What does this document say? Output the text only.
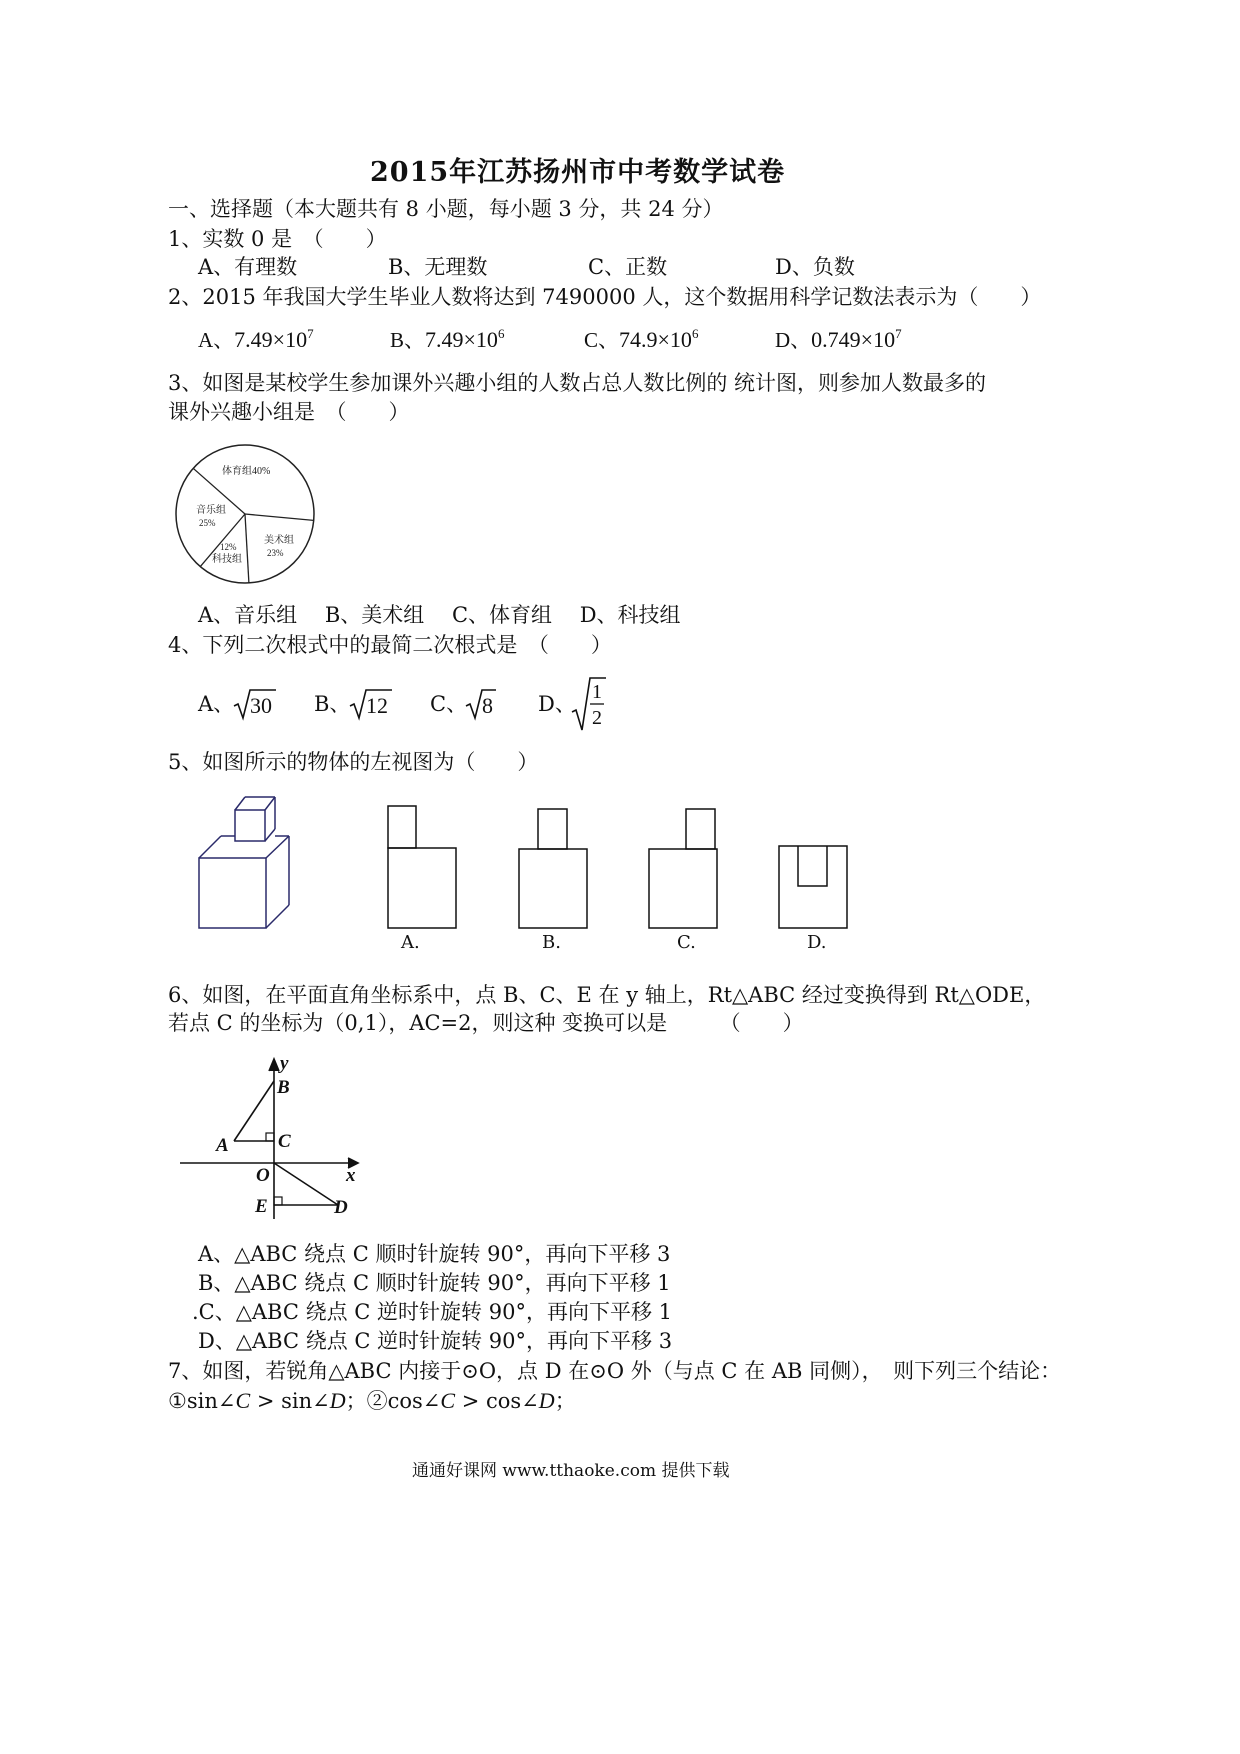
2015年江苏扬州市中考数学试卷
一、选择题（本大题共有 8 小题，每小题 3 分，共 24 分）
1、实数 0 是　（　　）
A、有理数	B、无理数	C、正数	D、负数
2、2015 年我国大学生毕业人数将达到 7490000 人，这个数据用科学记数法表示为（　　）
A、$7.49\times 10^7$	B、$7.49\times 10^6$	C、$74.9\times 10^6$	D、$0.749\times 10^7$
3、如图是某校学生参加课外兴趣小组的人数占总人数比例的 统计图，则参加人数最多的
课外兴趣小组是　（　　）
体育组40%
美术组
23%
12%
科技组
音乐组
25%
A、音乐组　 B、美术组　 C、体育组　 D、科技组
4、下列二次根式中的最简二次根式是　（　　）
A、 30 B、 12 C、 8 D、 1
2
5、如图所示的物体的左视图为（　　）
A.	B.	C.	D.
6、如图，在平面直角坐标系中，点 B、C、E 在 y 轴上，Rt△ABC 经过变换得到 Rt△ODE，
若点 C 的坐标为（0,1），AC=2，则这种 变换可以是　　　（　　）
y
B
A	C
O	x
E	D
A、△ABC 绕点 C 顺时针旋转 90°，再向下平移 3
B、△ABC 绕点 C 顺时针旋转 90°，再向下平移 1
.C、△ABC 绕点 C 逆时针旋转 90°，再向下平移 1
D、△ABC 绕点 C 逆时针旋转 90°，再向下平移 3
7、如图，若锐角△ABC 内接于⊙O，点 D 在⊙O 外（与点 C 在 AB 同侧），　则下列三个结论：
①sin∠C > sin∠D；②cos∠C > cos∠D；
通通好课网 www.tthaoke.com 提供下载
